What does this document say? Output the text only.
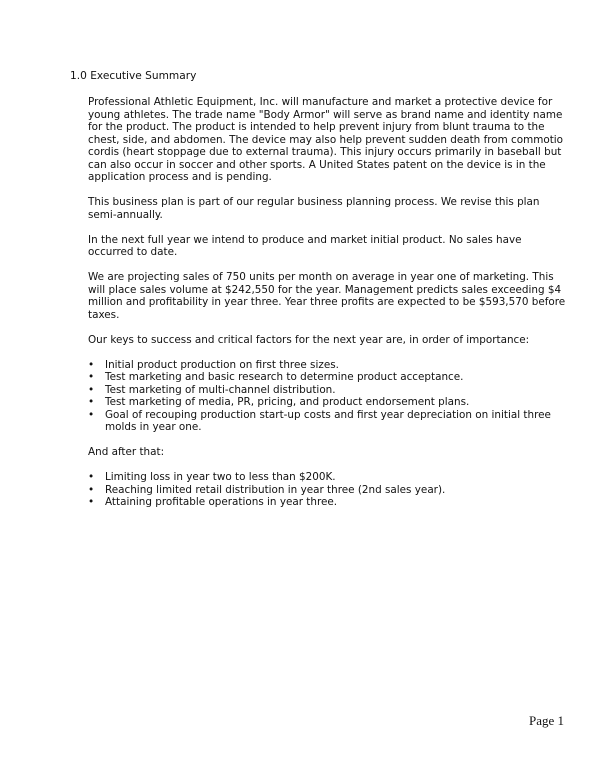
1.0 Executive Summary

Professional Athletic Equipment, Inc. will manufacture and market a protective device for young athletes. The trade name "Body Armor" will serve as brand name and identity name for the product. The product is intended to help prevent injury from blunt trauma to the chest, side, and abdomen. The device may also help prevent sudden death from commotio cordis (heart stoppage due to external trauma). This injury occurs primarily in baseball but can also occur in soccer and other sports. A United States patent on the device is in the application process and is pending.

This business plan is part of our regular business planning process. We revise this plan semi-annually.

In the next full year we intend to produce and market initial product. No sales have occurred to date.

We are projecting sales of 750 units per month on average in year one of marketing. This will place sales volume at $242,550 for the year. Management predicts sales exceeding $4 million and profitability in year three. Year three profits are expected to be $593,570 before taxes.

Our keys to success and critical factors for the next year are, in order of importance:

• Initial product production on first three sizes.
• Test marketing and basic research to determine product acceptance.
• Test marketing of multi-channel distribution.
• Test marketing of media, PR, pricing, and product endorsement plans.
• Goal of recouping production start-up costs and first year depreciation on initial three molds in year one.

And after that:

• Limiting loss in year two to less than $200K.
• Reaching limited retail distribution in year three (2nd sales year).
• Attaining profitable operations in year three.
Page 1
